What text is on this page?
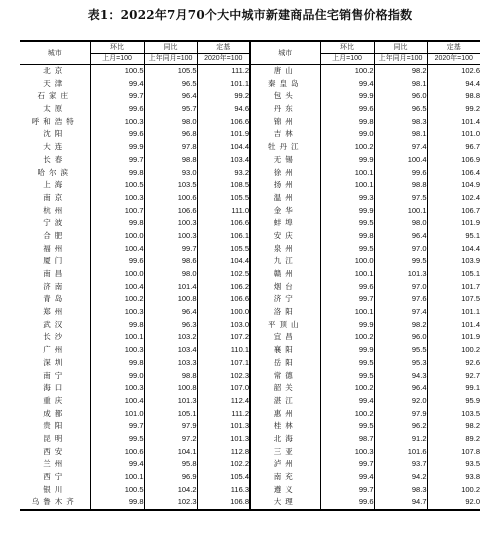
表1：2022年7月70个大中城市新建商品住宅销售价格指数
城市	环比	同比	定基	城市	环比	同比	定基
	上月=100	上年同月=100	2020年=100		上月=100	上年同月=100	2020年=100
北京	100.5	105.5	111.2	唐山	100.2	98.2	102.6
天津	99.4	96.5	101.1	秦皇岛	99.4	98.1	94.4
石家庄	99.7	96.4	99.2	包头	99.9	96.0	98.8
太原	99.6	95.7	94.6	丹东	99.6	96.5	99.2
呼和浩特	100.3	98.0	106.6	锦州	99.8	98.3	101.4
沈阳	99.6	96.8	101.9	吉林	99.0	98.1	101.0
大连	99.9	97.8	104.4	牡丹江	100.2	97.4	96.7
长春	99.7	98.8	103.4	无锡	99.9	100.4	106.9
哈尔滨	99.8	93.0	93.2	徐州	100.1	99.6	106.4
上海	100.5	103.5	108.5	扬州	100.1	98.8	104.9
南京	100.3	100.6	105.5	温州	99.3	97.5	102.4
杭州	100.7	106.6	111.0	金华	99.9	100.1	106.7
宁波	99.8	100.3	106.6	蚌埠	99.5	98.0	101.9
合肥	100.0	100.3	106.1	安庆	99.8	96.4	95.1
福州	100.4	99.7	105.5	泉州	99.5	97.0	104.4
厦门	99.6	98.6	104.4	九江	100.0	99.5	103.9
南昌	100.0	98.0	102.5	赣州	100.1	101.3	105.1
济南	100.4	101.4	106.2	烟台	99.6	97.0	101.7
青岛	100.2	100.8	106.6	济宁	99.7	97.6	107.5
郑州	100.3	96.4	100.0	洛阳	100.1	97.4	101.1
武汉	99.8	96.3	103.0	平顶山	99.9	98.2	101.4
长沙	100.1	103.2	107.2	宜昌	100.2	96.0	101.9
广州	100.3	103.4	110.1	襄阳	99.9	95.5	100.2
深圳	99.8	103.3	107.1	岳阳	99.5	95.3	92.6
南宁	99.0	98.8	102.3	常德	99.5	94.3	92.7
海口	100.3	100.8	107.0	韶关	100.2	96.4	99.1
重庆	100.4	101.3	112.4	湛江	99.4	92.0	95.9
成都	101.0	105.1	111.2	惠州	100.2	97.9	103.5
贵阳	99.7	97.9	101.3	桂林	99.5	96.2	98.2
昆明	99.5	97.2	101.3	北海	98.7	91.2	89.2
西安	100.6	104.1	112.8	三亚	100.3	101.6	107.8
兰州	99.4	95.8	102.2	泸州	99.7	93.7	93.5
西宁	100.1	96.9	105.4	南充	99.4	94.2	93.8
银川	100.5	104.2	116.3	遵义	99.7	98.3	100.2
乌鲁木齐	99.8	102.3	106.8	大理	99.6	94.7	92.0
